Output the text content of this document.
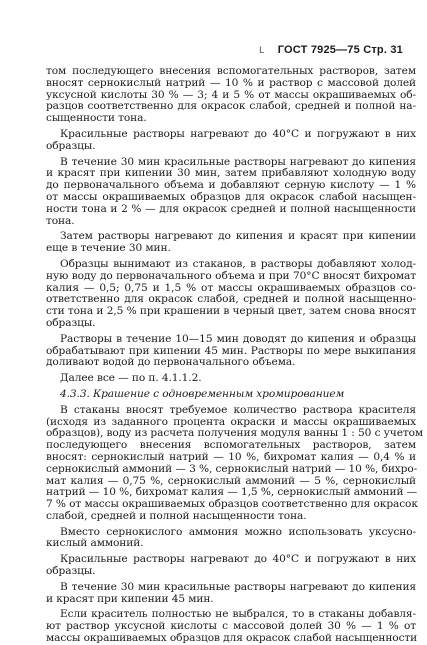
L ГОСТ 7925—75 Стр. 31
том последующего внесения вспомогательных растворов, затем
вносят сернокислый натрий — 10 % и раствор с массовой долей
уксусной кислоты 30 % — 3; 4 и 5 % от массы окрашиваемых об-
разцов соответственно для окрасок слабой, средней и полной на-
сыщенности тона.
Красильные растворы нагревают до 40°С и погружают в них
образцы.
В течение 30 мин красильные растворы нагревают до кипения
и красят при кипении 30 мин, затем прибавляют холодную воду
до первоначального объема и добавляют серную кислоту — 1 %
от массы окрашиваемых образцов для окрасок слабой насыщен-
ности тона и 2 % — для окрасок средней и полной насыщенности
тона.
Затем растворы нагревают до кипения и красят при кипении
еще в течение 30 мин.
Образцы вынимают из стаканов, в растворы добавляют холод-
ную воду до первоначального объема и при 70°С вносят бихромат
калия — 0,5; 0,75 и 1,5 % от массы окрашиваемых образцов со-
ответственно для окрасок слабой, средней и полной насыщенно-
сти тона и 2,5 % при крашении в черный цвет, затем снова вносят
образцы.
Растворы в течение 10—15 мин доводят до кипения и образцы
обрабатывают при кипении 45 мин. Растворы по мере выкипания
доливают водой до первоначального объема.
Далее все — по п. 4.1.1.2.
4.3.3. Крашение с одновременным хромированием
В стаканы вносят требуемое количество раствора красителя
(исходя из заданного процента окраски и массы окрашиваемых
образцов), воду из расчета получения модуля ванны 1 : 50 с учетом
последующего внесения вспомогательных растворов, затем
вносят: сернокислый натрий — 10 %, бихромат калия — 0,4 % и
сернокислый аммоний — 3 %, сернокислый натрий — 10 %, бихро-
мат калия — 0,75 %, сернокислый аммоний — 5 %, сернокислый
натрий — 10 %, бихромат калия — 1,5 %, сернокислый аммоний —
7 % от массы окрашиваемых образцов соответственно для окрасок
слабой, средней и полной насыщенности тона.
Вместо сернокислого аммония можно использовать уксусно-
кислый аммоний.
Красильные растворы нагревают до 40°С и погружают в них
образцы.
В течение 30 мин красильные растворы нагревают до кипения
и красят при кипении 45 мин.
Если краситель полностью не выбрался, то в стаканы добавля-
ют раствор уксусной кислоты с массовой долей 30 % — 1 % от
массы окрашиваемых образцов для окрасок слабой насыщенности
